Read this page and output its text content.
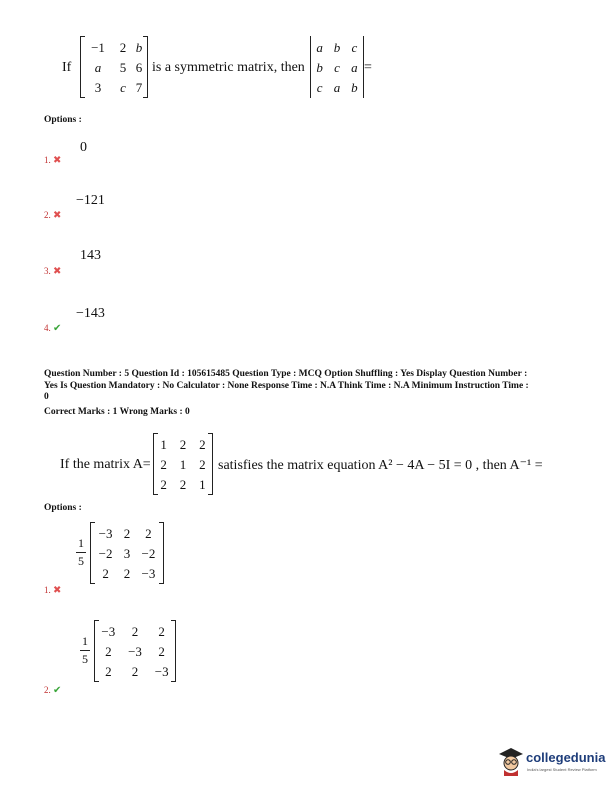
If
−1	2	b
a	5	6
3	c	7
is a symmetric matrix, then
a	b	c
b	c	a
c	a	b
=
Options :
0
1. ✖
−121
2. ✖
143
3. ✖
−143
4. ✔
Question Number : 5 Question Id : 105615485 Question Type : MCQ Option Shuffling : Yes Display Question Number :
Yes Is Question Mandatory : No Calculator : None Response Time : N.A Think Time : N.A Minimum Instruction Time :
0
Correct Marks : 1 Wrong Marks : 0
If the matrix A=
1	2	2
2	1	2
2	2	1
satisfies the matrix equation A² − 4A − 5I = 0 , then A⁻¹ =
Options :
1
5
−3	2	2
−2	3	−2
2	2	−3
1. ✖
1
5
−3	2	2
2	−3	2
2	2	−3
2. ✔
collegedunia
India's largest Student Review Platform
